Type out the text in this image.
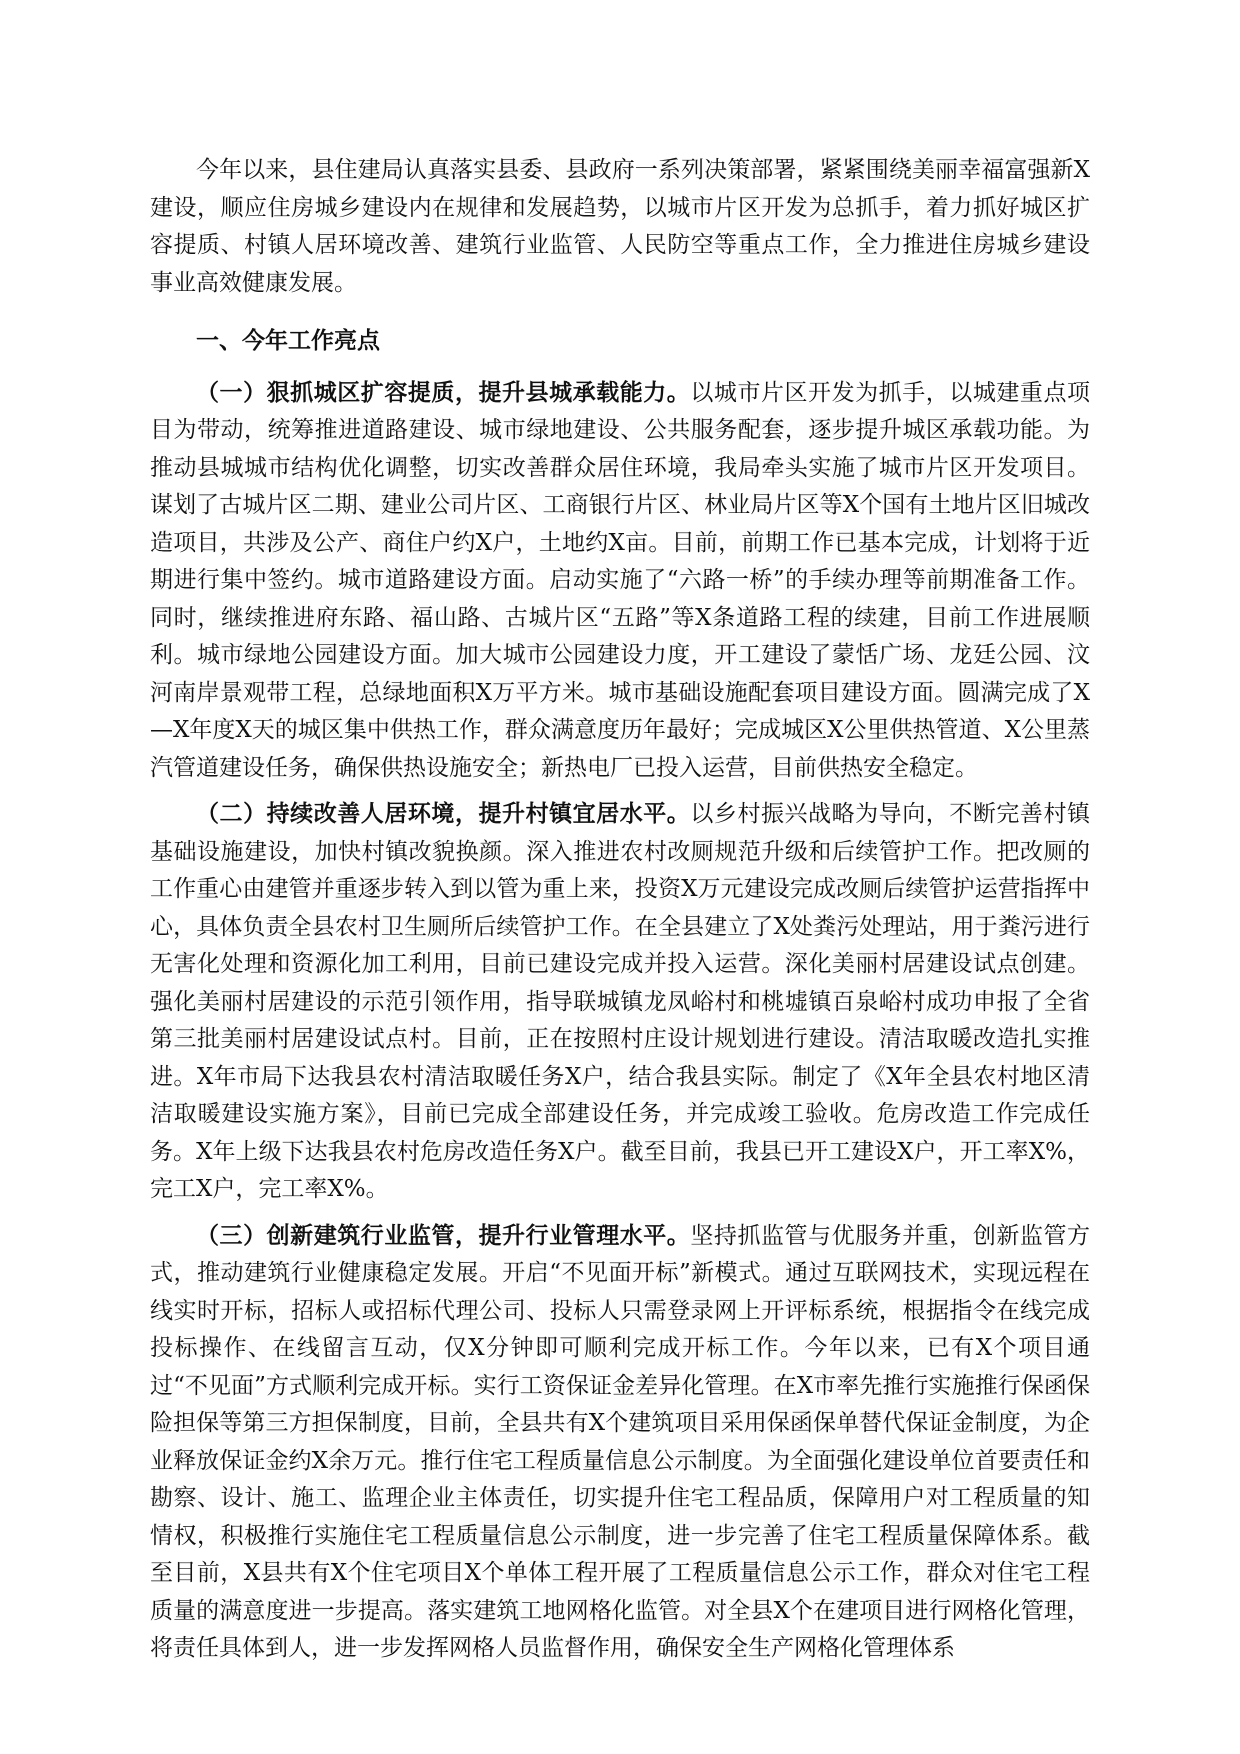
今年以来，县住建局认真落实县委、县政府一系列决策部署，紧紧围绕美丽幸福富强新X建设，顺应住房城乡建设内在规律和发展趋势，以城市片区开发为总抓手，着力抓好城区扩容提质、村镇人居环境改善、建筑行业监管、人民防空等重点工作，全力推进住房城乡建设事业高效健康发展。

一、今年工作亮点

（一）狠抓城区扩容提质，提升县城承载能力。以城市片区开发为抓手，以城建重点项目为带动，统筹推进道路建设、城市绿地建设、公共服务配套，逐步提升城区承载功能。为推动县城城市结构优化调整，切实改善群众居住环境，我局牵头实施了城市片区开发项目。谋划了古城片区二期、建业公司片区、工商银行片区、林业局片区等X个国有土地片区旧城改造项目，共涉及公产、商住户约X户，土地约X亩。目前，前期工作已基本完成，计划将于近期进行集中签约。城市道路建设方面。启动实施了“六路一桥”的手续办理等前期准备工作。同时，继续推进府东路、福山路、古城片区“五路”等X条道路工程的续建，目前工作进展顺利。城市绿地公园建设方面。加大城市公园建设力度，开工建设了蒙恬广场、龙廷公园、汶河南岸景观带工程，总绿地面积X万平方米。城市基础设施配套项目建设方面。圆满完成了X—X年度X天的城区集中供热工作，群众满意度历年最好；完成城区X公里供热管道、X公里蒸汽管道建设任务，确保供热设施安全；新热电厂已投入运营，目前供热安全稳定。

（二）持续改善人居环境，提升村镇宜居水平。以乡村振兴战略为导向，不断完善村镇基础设施建设，加快村镇改貌换颜。深入推进农村改厕规范升级和后续管护工作。把改厕的工作重心由建管并重逐步转入到以管为重上来，投资X万元建设完成改厕后续管护运营指挥中心，具体负责全县农村卫生厕所后续管护工作。在全县建立了X处粪污处理站，用于粪污进行无害化处理和资源化加工利用，目前已建设完成并投入运营。深化美丽村居建设试点创建。强化美丽村居建设的示范引领作用，指导联城镇龙凤峪村和桃墟镇百泉峪村成功申报了全省第三批美丽村居建设试点村。目前，正在按照村庄设计规划进行建设。清洁取暖改造扎实推进。X年市局下达我县农村清洁取暖任务X户，结合我县实际。制定了《X年全县农村地区清洁取暖建设实施方案》，目前已完成全部建设任务，并完成竣工验收。危房改造工作完成任务。X年上级下达我县农村危房改造任务X户。截至目前，我县已开工建设X户，开工率X%，完工X户，完工率X%。

（三）创新建筑行业监管，提升行业管理水平。坚持抓监管与优服务并重，创新监管方式，推动建筑行业健康稳定发展。开启“不见面开标”新模式。通过互联网技术，实现远程在线实时开标，招标人或招标代理公司、投标人只需登录网上开评标系统，根据指令在线完成投标操作、在线留言互动，仅X分钟即可顺利完成开标工作。今年以来，已有X个项目通过“不见面”方式顺利完成开标。实行工资保证金差异化管理。在X市率先推行实施推行保函保险担保等第三方担保制度，目前，全县共有X个建筑项目采用保函保单替代保证金制度，为企业释放保证金约X余万元。推行住宅工程质量信息公示制度。为全面强化建设单位首要责任和勘察、设计、施工、监理企业主体责任，切实提升住宅工程品质，保障用户对工程质量的知情权，积极推行实施住宅工程质量信息公示制度，进一步完善了住宅工程质量保障体系。截至目前，X县共有X个住宅项目X个单体工程开展了工程质量信息公示工作，群众对住宅工程质量的满意度进一步提高。落实建筑工地网格化监管。对全县X个在建项目进行网格化管理，将责任具体到人，进一步发挥网格人员监督作用，确保安全生产网格化管理体系
